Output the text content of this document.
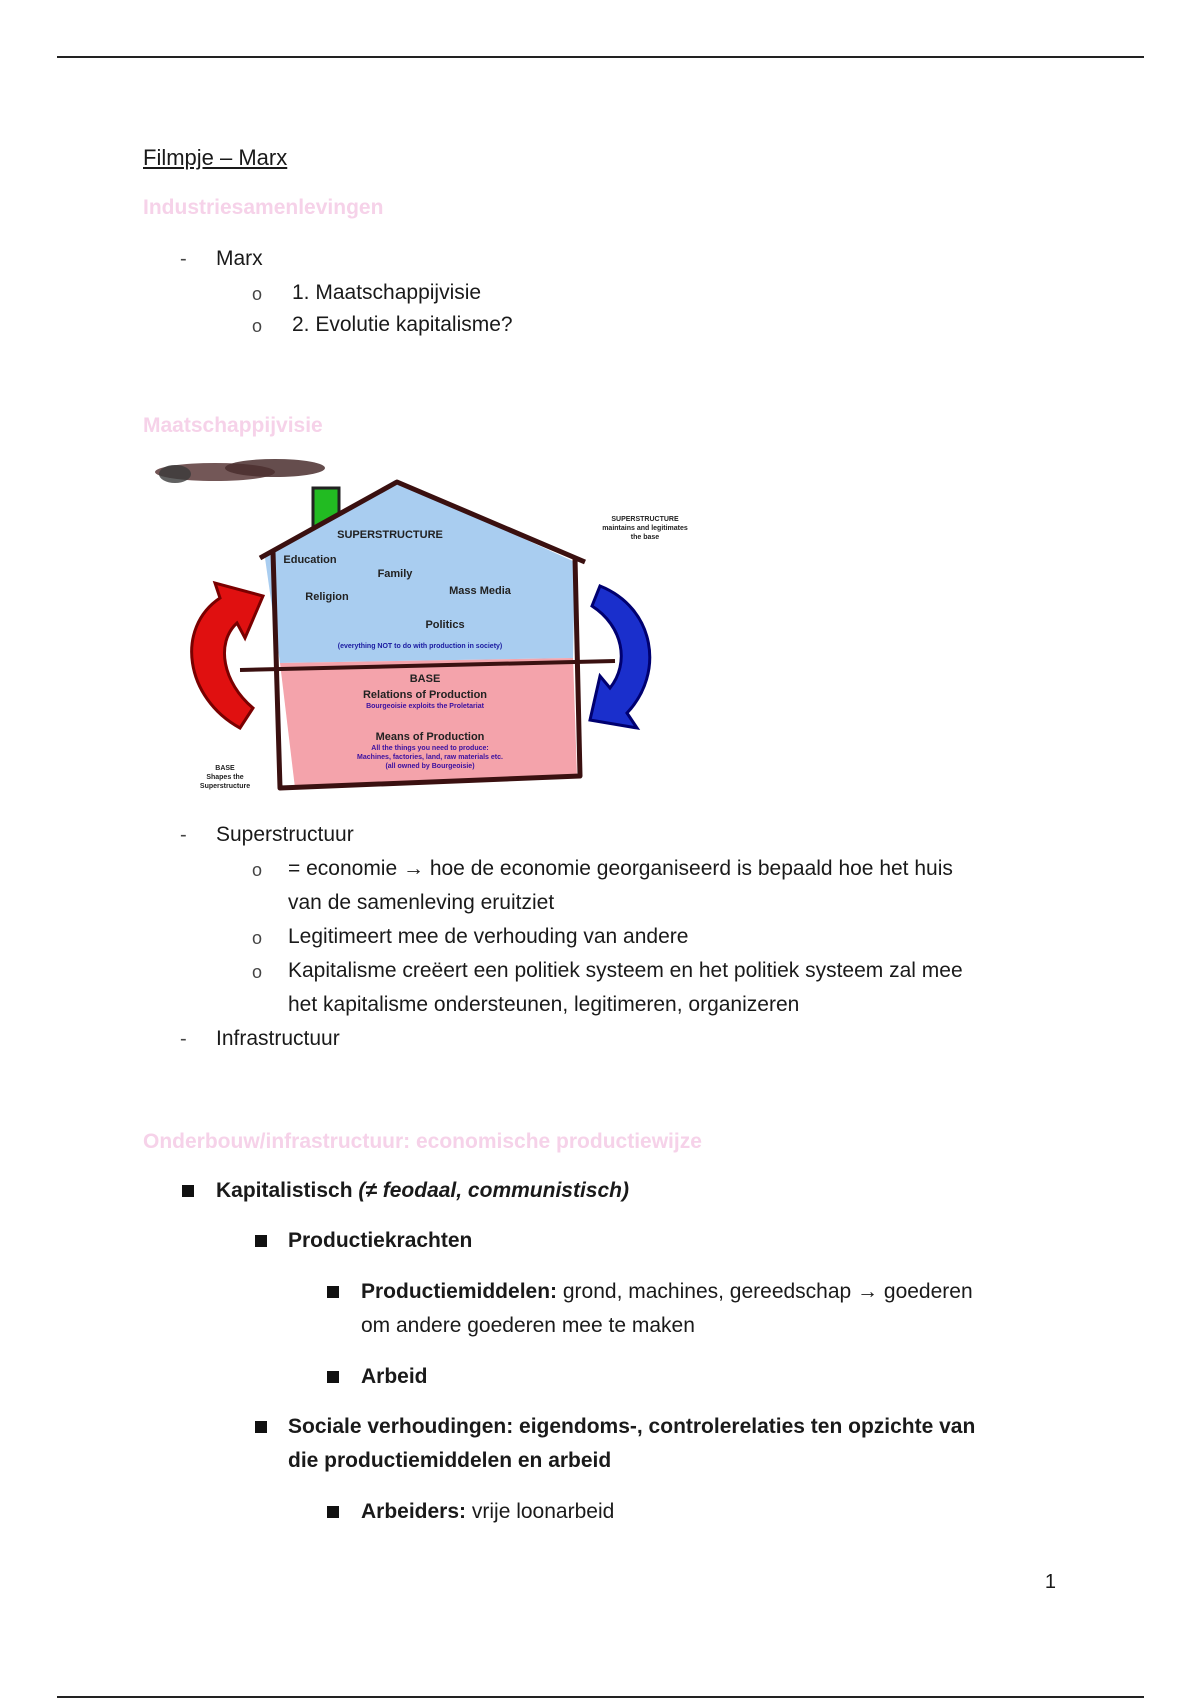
Filmpje – Marx
Industriesamenlevingen
- Marx
o 1. Maatschappijvisie
o 2. Evolutie kapitalisme?
Maatschappijvisie
SUPERSTRUCTURE
Education
Family
Religion	Mass Media
Politics
(everything NOT to do with production in society)
BASE
Relations of Production
Bourgeoisie exploits the Proletariat
Means of Production
All the things you need to produce:
Machines, factories, land, raw materials etc.
(all owned by Bourgeoisie)
SUPERSTRUCTURE
maintains and legitimates
the base
BASE
Shapes the
Superstructure
- Superstructuur
o = economie → hoe de economie georganiseerd is bepaald hoe het huis
van de samenleving eruitziet
o Legitimeert mee de verhouding van andere
o Kapitalisme creëert een politiek systeem en het politiek systeem zal mee
het kapitalisme ondersteunen, legitimeren, organizeren
- Infrastructuur
Onderbouw/infrastructuur: economische productiewijze
Kapitalistisch (≠ feodaal, communistisch)
Productiekrachten
Productiemiddelen: grond, machines, gereedschap → goederen
om andere goederen mee te maken
Arbeid
Sociale verhoudingen: eigendoms-, controlerelaties ten opzichte van
die productiemiddelen en arbeid
Arbeiders: vrije loonarbeid
1
